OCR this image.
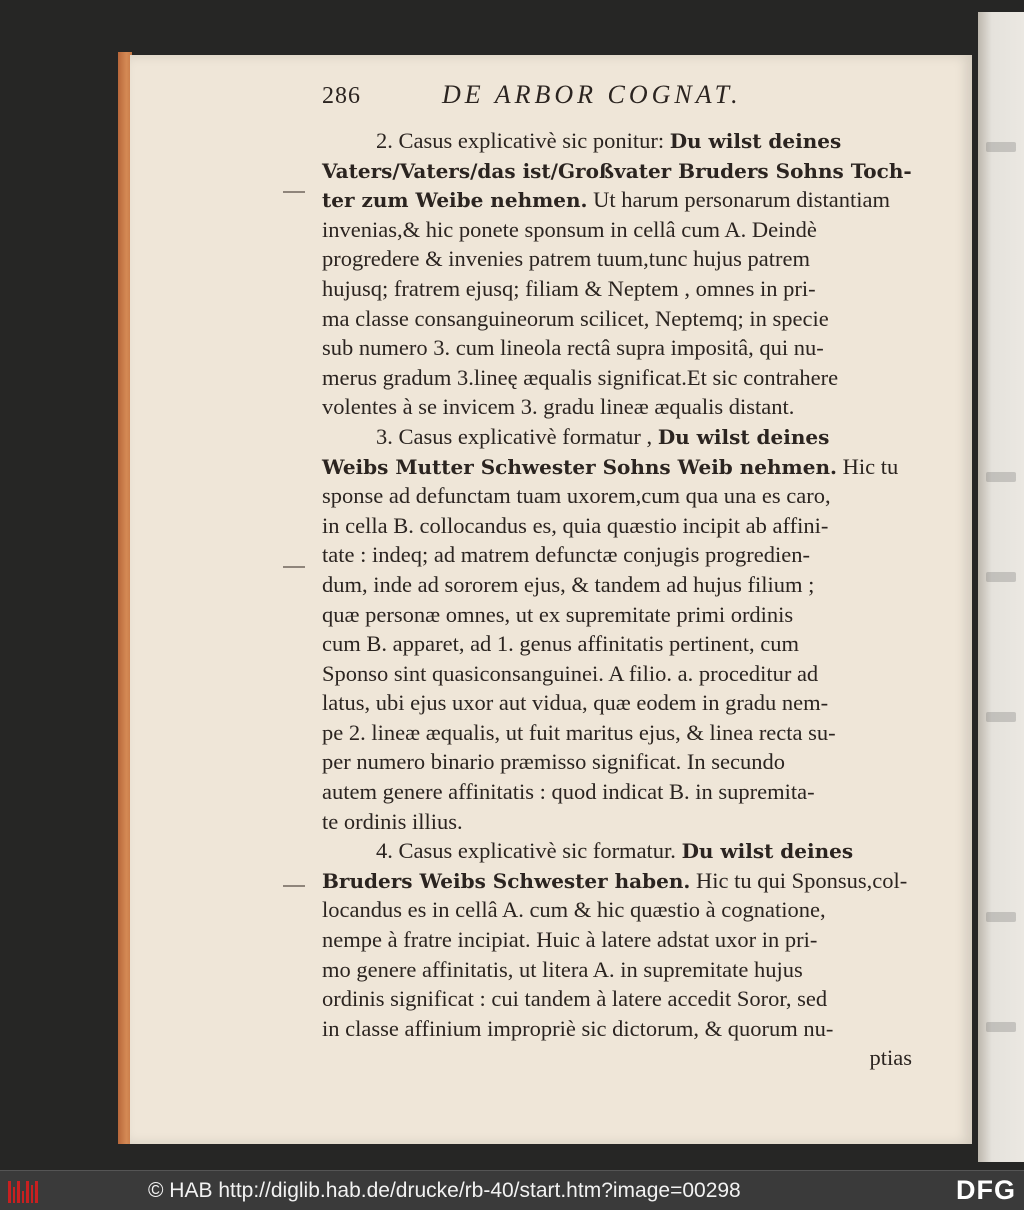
286	DE ARBOR COGNAT.
2. Casus explicativè sic ponitur: Du wilst deines
Vaters/Vaters/das ist/Großvater Bruders Sohns Toch-
ter zum Weibe nehmen. Ut harum personarum distantiam
invenias,& hic ponete sponsum in cellâ cum A. Deindè
progredere & invenies patrem tuum,tunc hujus patrem
hujusq; fratrem ejusq; filiam & Neptem , omnes in pri-
ma classe consanguineorum scilicet, Neptemq; in specie
sub numero 3. cum lineola rectâ supra impositâ, qui nu-
merus gradum 3.lineę æqualis significat.Et sic contrahere
volentes à se invicem 3. gradu lineæ æqualis distant.
3. Casus explicativè formatur , Du wilst deines
Weibs Mutter Schwester Sohns Weib nehmen. Hic tu
sponse ad defunctam tuam uxorem,cum qua una es caro,
in cella B. collocandus es, quia quæstio incipit ab affini-
tate : indeq; ad matrem defunctæ conjugis progredien-
dum, inde ad sororem ejus, & tandem ad hujus filium ;
quæ personæ omnes, ut ex supremitate primi ordinis
cum B. apparet, ad 1. genus affinitatis pertinent, cum
Sponso sint quasiconsanguinei. A filio. a. proceditur ad
latus, ubi ejus uxor aut vidua, quæ eodem in gradu nem-
pe 2. lineæ æqualis, ut fuit maritus ejus, & linea recta su-
per numero binario præmisso significat. In secundo
autem genere affinitatis : quod indicat B. in supremita-
te ordinis illius.
4. Casus explicativè sic formatur. Du wilst deines
Bruders Weibs Schwester haben. Hic tu qui Sponsus,col-
locandus es in cellâ A. cum & hic quæstio à cognatione,
nempe à fratre incipiat. Huic à latere adstat uxor in pri-
mo genere affinitatis, ut litera A. in supremitate hujus
ordinis significat : cui tandem à latere accedit Soror, sed
in classe affinium impropriè sic dictorum, & quorum nu-
ptias
© HAB http://diglib.hab.de/drucke/rb-40/start.htm?image=00298	DFG
